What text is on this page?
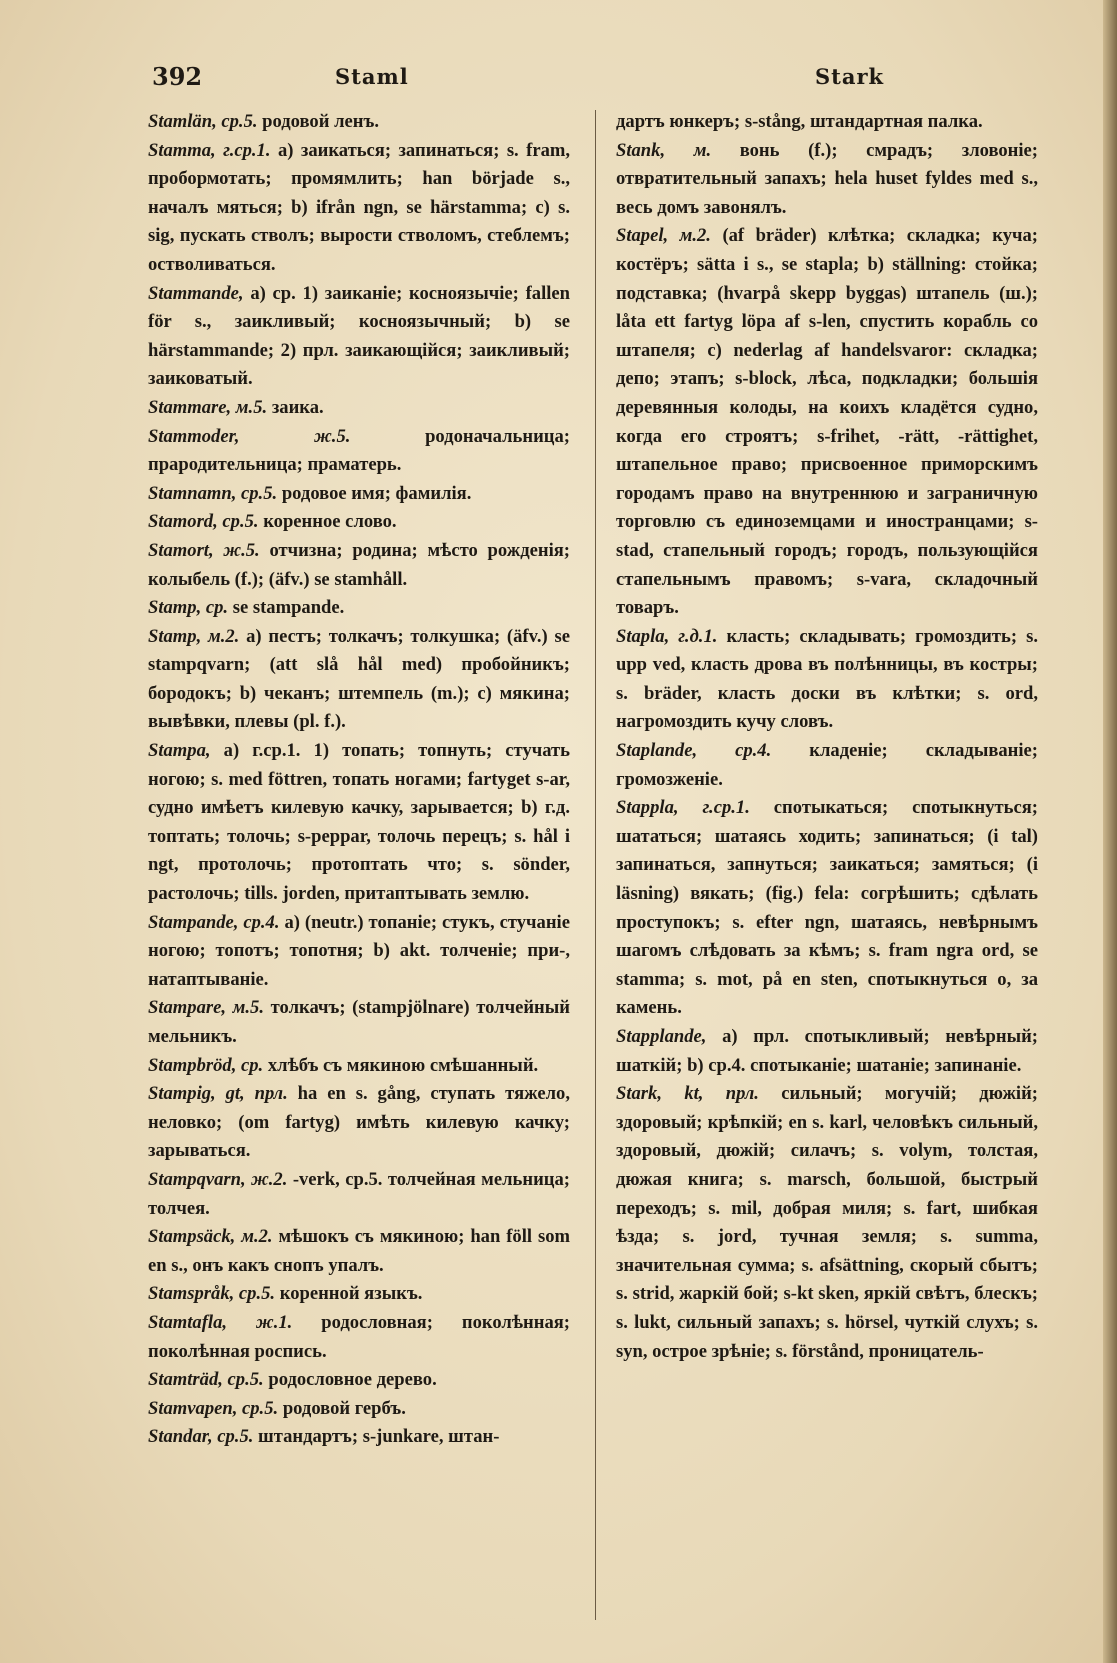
392	Staml	Stark

Stamlän, ср.5. родовой ленъ.

Stamma, г.ср.1. а) заикаться; запинаться; s. fram, пробормотать; промямлить; han började s., началъ мяться; b) ifrån ngn, se härstamma; c) s. sig, пускать стволъ; вырости стволомъ, стеблемъ; остволиваться.

Stammande, а) ср. 1) заиканіе; косноязычіе; fallen för s., заикливый; косноязычный; b) se härstammande; 2) прл. заикающійся; заикливый; заиковатый.

Stammare, м.5. заика.

Stammoder, ж.5.	родоначальница; прародительница; праматерь.

Stamnamn, ср.5. родовое имя; фамилія.

Stamord, ср.5. коренное слово.

Stamort, ж.5. отчизна; родина; мѣсто рожденія; колыбель (f.); (äfv.) se stamhåll.

Stamp, ср. se stampande.

Stamp, м.2. а) пестъ; толкачъ; толкушка; (äfv.) se stampqvarn; (att slå hål med) пробойникъ; бородокъ; b) чеканъ; штемпель (m.); c) мякина; вывѣвки, плевы (pl. f.).

Stampa, а) г.ср.1. 1) топать; топнуть; стучать ногою; s. med föttren, топать ногами; fartyget s-ar, судно имѣетъ килевую качку, зарывается; b) г.д. топтать; толочь; s-peppar, толочь перецъ; s. hål i ngt, протолочь; протоптать что; s. sönder, растолочь; tills. jorden, притаптывать землю.

Stampande, ср.4. а) (neutr.) топаніе; стукъ, стучаніе ногою; топотъ; топотня; b) akt. толченіе; при-, натаптываніе.

Stampare, м.5. толкачъ; (stampjölnare) толчейный мельникъ.

Stampbröd, ср. хлѣбъ съ мякиною смѣшанный.

Stampig, gt, прл. ha en s. gång, ступать тяжело, неловко; (om fartyg) имѣть килевую качку; зарываться.

Stampqvarn, ж.2. -verk, ср.5. толчейная мельница; толчея.

Stampsäck, м.2. мѣшокъ съ мякиною; han föll som en s., онъ какъ снопъ упалъ.

Stamspråk, ср.5. коренной языкъ.

Stamtafla, ж.1. родословная; поколѣнная; поколѣнная роспись.

Stamträd, ср.5. родословное дерево.

Stamvapen, ср.5. родовой гербъ.

Standar, ср.5. штандартъ; s-junkare, штан-

дартъ юнкеръ; s-stång, штандартная палка.

Stank, м. вонь (f.); смрадъ; зловоніе; отвратительный запахъ; hela huset fyldes med s., весь домъ завонялъ.

Stapel, м.2. (af bräder) клѣтка; складка; куча; костёръ; sätta i s., se stapla; b) ställning: стойка; подставка; (hvarpå skepp byggas) штапель (ш.); låta ett fartyg löpa af s-len, спустить корабль со штапеля; c) nederlag af handelsvaror: складка; депо; этапъ; s-block, лѣса, подкладки; большія деревянныя колоды, на коихъ кладётся судно, когда его строятъ; s-frihet, -rätt, -rättighet, штапельное право; присвоенное приморскимъ городамъ право на внутреннюю и заграничную торговлю съ единоземцами и иностранцами; s-stad, стапельный городъ; городъ, пользующійся стапельнымъ правомъ; s-vara, складочный товаръ.

Stapla, г.д.1. класть; складывать; громоздить; s. upp ved, класть дрова въ полѣнницы, въ костры; s. bräder, класть доски въ клѣтки; s. ord, нагромоздить кучу словъ.

Staplande, ср.4. кладеніе; складываніе; громозженіе.

Stappla, г.ср.1. спотыкаться; спотыкнуться; шататься; шатаясь ходить; запинаться; (i tal) запинаться, запнуться; заикаться; замяться; (i läsning) вякать; (fig.) fela: согрѣшить; сдѣлать проступокъ; s. efter ngn, шатаясь, невѣрнымъ шагомъ слѣдовать за кѣмъ; s. fram ngra ord, se stamma; s. mot, på en sten, спотыкнуться о, за камень.

Stapplande, а) прл. спотыкливый; невѣрный; шаткій; b) ср.4. спотыканіе; шатаніе; запинаніе.

Stark, kt, прл. сильный; могучій; дюжій; здоровый; крѣпкій; en s. karl, человѣкъ сильный, здоровый, дюжій; силачъ; s. volym, толстая, дюжая книга; s. marsch, большой, быстрый переходъ; s. mil, добрая миля; s. fart, шибкая ѣзда; s. jord, тучная земля; s. summa, значительная сумма; s. afsättning, скорый сбытъ; s. strid, жаркій бой; s-kt sken, яркій свѣтъ, блескъ; s. lukt, сильный запахъ; s. hörsel, чуткій слухъ; s. syn, острое зрѣніе; s. förstånd, проницатель-
